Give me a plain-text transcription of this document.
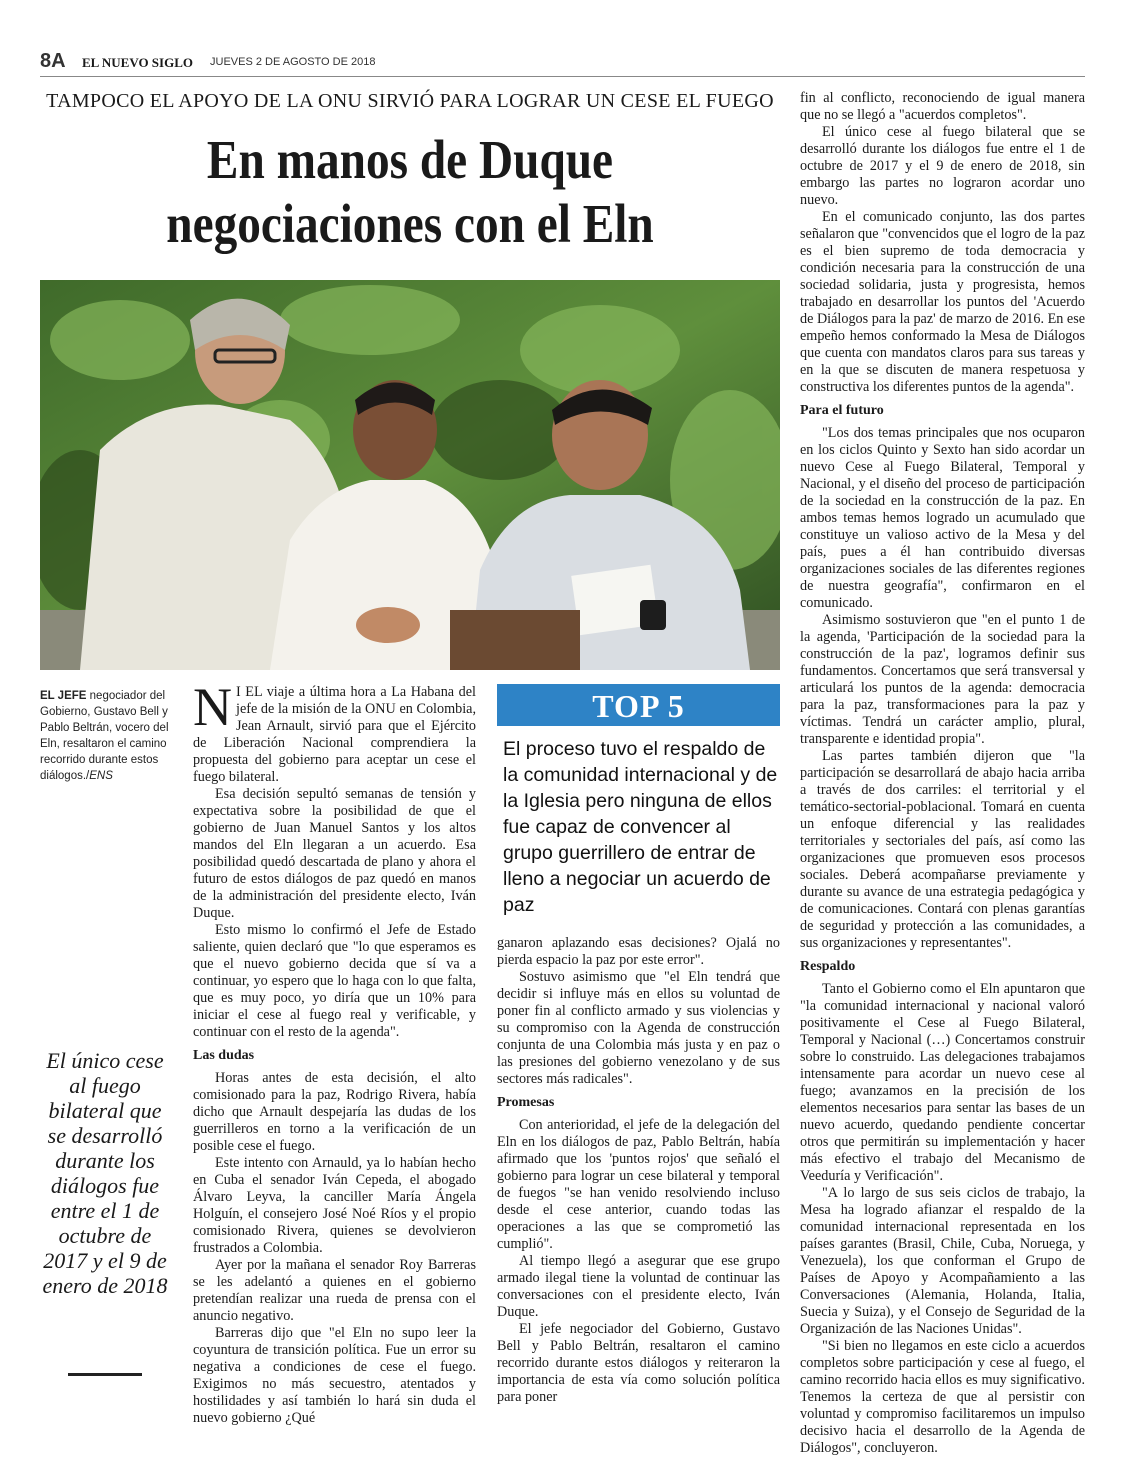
8A EL NUEVO SIGLO JUEVES 2 DE AGOSTO DE 2018
TAMPOCO EL APOYO DE LA ONU SIRVIÓ PARA LOGRAR UN CESE EL FUEGO
En manos de Duque negociaciones con el Eln
EL JEFE negociador del Gobierno, Gustavo Bell y Pablo Beltrán, vocero del Eln, resaltaron el camino recorrido durante estos diálogos./ENS
El único cese al fuego bilateral que se desarrolló durante los diálogos fue entre el 1 de octubre de 2017 y el 9 de enero de 2018
N I EL viaje a última hora a La Habana del jefe de la misión de la ONU en Colombia, Jean Arnault, sirvió para que el Ejército de Liberación Nacional comprendiera la propuesta del gobierno para aceptar un cese el fuego bilateral.

Esa decisión sepultó semanas de tensión y expectativa sobre la posibilidad de que el gobierno de Juan Manuel Santos y los altos mandos del Eln llegaran a un acuerdo. Esa posibilidad quedó descartada de plano y ahora el futuro de estos diálogos de paz quedó en manos de la administración del presidente electo, Iván Duque.

Esto mismo lo confirmó el Jefe de Estado saliente, quien declaró que "lo que esperamos es que el nuevo gobierno decida que sí va a continuar, yo espero que lo haga con lo que falta, que es muy poco, yo diría que un 10% para iniciar el cese al fuego real y verificable, y continuar con el resto de la agenda".

Las dudas

Horas antes de esta decisión, el alto comisionado para la paz, Rodrigo Rivera, había dicho que Arnault despejaría las dudas de los guerrilleros en torno a la verificación de un posible cese el fuego.

Este intento con Arnauld, ya lo habían hecho en Cuba el senador Iván Cepeda, el abogado Álvaro Leyva, la canciller María Ángela Holguín, el consejero José Noé Ríos y el propio comisionado Rivera, quienes se devolvieron frustrados a Colombia.

Ayer por la mañana el senador Roy Barreras se les adelantó a quienes en el gobierno pretendían realizar una rueda de prensa con el anuncio negativo.

Barreras dijo que "el Eln no supo leer la coyuntura de transición política. Fue un error su negativa a condiciones de cese el fuego. Exigimos no más secuestro, atentados y hostilidades y así también lo hará sin duda el nuevo gobierno ¿Qué

TOP 5
El proceso tuvo el respaldo de la comunidad internacional y de la Iglesia pero ninguna de ellos fue capaz de convencer al grupo guerrillero de entrar de lleno a negociar un acuerdo de paz

ganaron aplazando esas decisiones? Ojalá no pierda espacio la paz por este error".

Sostuvo asimismo que "el Eln tendrá que decidir si influye más en ellos su voluntad de poner fin al conflicto armado y sus violencias y su compromiso con la Agenda de construcción conjunta de una Colombia más justa y en paz o las presiones del gobierno venezolano y de sus sectores más radicales".

Promesas

Con anterioridad, el jefe de la delegación del Eln en los diálogos de paz, Pablo Beltrán, había afirmado que los 'puntos rojos' que señaló el gobierno para lograr un cese bilateral y temporal de fuegos "se han venido resolviendo incluso desde el cese anterior, cuando todas las operaciones a las que se comprometió las cumplió".

Al tiempo llegó a asegurar que ese grupo armado ilegal tiene la voluntad de continuar las conversaciones con el presidente electo, Iván Duque.

El jefe negociador del Gobierno, Gustavo Bell y Pablo Beltrán, resaltaron el camino recorrido durante estos diálogos y reiteraron la importancia de esta vía como solución política para poner

fin al conflicto, reconociendo de igual manera que no se llegó a "acuerdos completos".

El único cese al fuego bilateral que se desarrolló durante los diálogos fue entre el 1 de octubre de 2017 y el 9 de enero de 2018, sin embargo las partes no lograron acordar uno nuevo.

En el comunicado conjunto, las dos partes señalaron que "convencidos que el logro de la paz es el bien supremo de toda democracia y condición necesaria para la construcción de una sociedad solidaria, justa y progresista, hemos trabajado en desarrollar los puntos del 'Acuerdo de Diálogos para la paz' de marzo de 2016. En ese empeño hemos conformado la Mesa de Diálogos que cuenta con mandatos claros para sus tareas y en la que se discuten de manera respetuosa y constructiva los diferentes puntos de la agenda".

Para el futuro

"Los dos temas principales que nos ocuparon en los ciclos Quinto y Sexto han sido acordar un nuevo Cese al Fuego Bilateral, Temporal y Nacional, y el diseño del proceso de participación de la sociedad en la construcción de la paz. En ambos temas hemos logrado un acumulado que constituye un valioso activo de la Mesa y del país, pues a él han contribuido diversas organizaciones sociales de las diferentes regiones de nuestra geografía", confirmaron en el comunicado.

Asimismo sostuvieron que "en el punto 1 de la agenda, 'Participación de la sociedad para la construcción de la paz', logramos definir sus fundamentos. Concertamos que será transversal y articulará los puntos de la agenda: democracia para la paz, transformaciones para la paz y víctimas. Tendrá un carácter amplio, plural, transparente e identidad propia".

Las partes también dijeron que "la participación se desarrollará de abajo hacia arriba a través de dos carriles: el territorial y el temático-sectorial-poblacional. Tomará en cuenta un enfoque diferencial y las realidades territoriales y sectoriales del país, así como las organizaciones que promueven esos procesos sociales. Deberá acompañarse previamente y durante su avance de una estrategia pedagógica y de comunicaciones. Contará con plenas garantías de seguridad y protección a las comunidades, a sus organizaciones y representantes".

Respaldo

Tanto el Gobierno como el Eln apuntaron que "la comunidad internacional y nacional valoró positivamente el Cese al Fuego Bilateral, Temporal y Nacional (…) Concertamos construir sobre lo construido. Las delegaciones trabajamos intensamente para acordar un nuevo cese al fuego; avanzamos en la precisión de los elementos necesarios para sentar las bases de un nuevo acuerdo, quedando pendiente concertar otros que permitirán su implementación y hacer más efectivo el trabajo del Mecanismo de Veeduría y Verificación".

"A lo largo de sus seis ciclos de trabajo, la Mesa ha logrado afianzar el respaldo de la comunidad internacional representada en los países garantes (Brasil, Chile, Cuba, Noruega, y Venezuela), los que conforman el Grupo de Países de Apoyo y Acompañamiento a las Conversaciones (Alemania, Holanda, Italia, Suecia y Suiza), y el Consejo de Seguridad de la Organización de las Naciones Unidas".

"Si bien no llegamos en este ciclo a acuerdos completos sobre participación y cese al fuego, el camino recorrido hacia ellos es muy significativo. Tenemos la certeza de que al persistir con voluntad y compromiso facilitaremos un impulso decisivo hacia el desarrollo de la Agenda de Diálogos", concluyeron.
